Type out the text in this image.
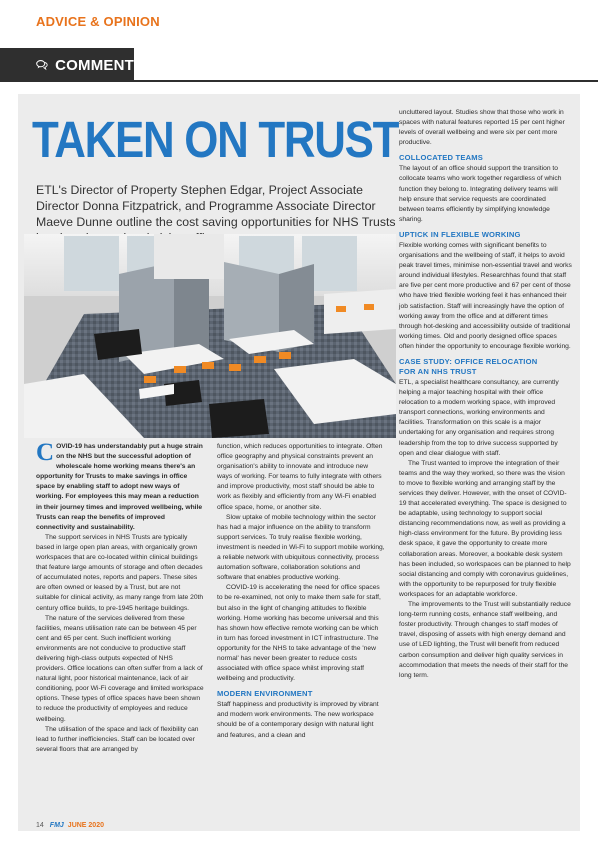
ADVICE & OPINION
COMMENT
TAKEN ON TRUST
ETL's Director of Property Stephen Edgar, Project Associate Director Donna Fitzpatrick, and Programme Associate Director Maeve Dunne outline the cost saving opportunities for NHS Trusts

COVID-19 has understandably put a huge strain on the NHS but the successful adoption of wholescale home working means there's an opportunity for Trusts to make savings in office space by enabling staff to adopt new ways of working. For employees this may mean a reduction in their journey times and improved wellbeing, while Trusts can reap the benefits of improved connectivity and sustainability.

The support services in NHS Trusts are typically based in large open plan areas, with organically grown workspaces that are co-located within clinical buildings that feature large amounts of storage and often decades of accumulated notes, reports and papers. These sites are often owned or leased by a Trust, but are not suitable for clinical activity, as many range from late 20th century office builds, to pre-1945 heritage buildings.

The nature of the services delivered from these facilities, means utilisation rate can be between 45 per cent and 65 per cent. Such inefficient working environments are not conducive to productive staff delivering high-class outputs expected of NHS providers. Office locations can often suffer from a lack of natural light, poor historical maintenance, lack of air conditioning, poor Wi-Fi coverage and limited workspace options. These types of office spaces have been shown to reduce the productivity of employees and reduce wellbeing.

The utilisation of the space and lack of flexibility can lead to further inefficiencies. Staff can be located over several floors that are arranged by

function, which reduces opportunities to integrate. Often office geography and physical constraints prevent an organisation's ability to innovate and introduce new ways of working. For teams to fully integrate with others and improve productivity, most staff should be able to work as flexibly and efficiently from any Wi-Fi enabled office space, home, or another site.

Slow uptake of mobile technology within the sector has had a major influence on the ability to transform support services. To truly realise flexible working, investment is needed in Wi-Fi to support mobile working, a reliable network with ubiquitous connectivity, process automation software, collaboration solutions and software that enables productive working.

COVID-19 is accelerating the need for office spaces to be re-examined, not only to make them safe for staff, but also in the light of changing attitudes to flexible working. Home working has become universal and this has shown how effective remote working can be which in turn has forced investment in ICT infrastructure. The opportunity for the NHS to take advantage of the 'new normal' has never been greater to reduce costs associated with office space whilst improving staff wellbeing and productivity.

MODERN ENVIRONMENT

Staff happiness and productivity is improved by vibrant and modern work environments. The new workspace should be of a contemporary design with natural light and features, and a clean and

uncluttered layout. Studies show that those who work in spaces with natural features reported 15 per cent higher levels of overall wellbeing and were six per cent more productive.

COLLOCATED TEAMS

The layout of an office should support the transition to collocate teams who work together regardless of which function they belong to. Integrating delivery teams will help ensure that service requests are coordinated between teams efficiently by simplifying knowledge sharing.

UPTICK IN FLEXIBLE WORKING

Flexible working comes with significant benefits to organisations and the wellbeing of staff, it helps to avoid peak travel times, minimise non-essential travel and works around individual lifestyles. Researchhas found that staff are five per cent more productive and 67 per cent of those who have tried flexible working feel it has enhanced their job satisfaction. Staff will increasingly have the option of working away from the office and at different times through hot-desking and accessibility outside of traditional working times. Old and poorly designed office spaces often hinder the opportunity to encourage flexible working.

CASE STUDY: OFFICE RELOCATION
FOR AN NHS TRUST

ETL, a specialist healthcare consultancy, are currently helping a major teaching hospital with their office relocation to a modern working space, with improved transport connections, working environments and facilities. Transformation on this scale is a major undertaking for any organisation and requires strong leadership from the top to drive success supported by open and clear dialogue with staff.

The Trust wanted to improve the integration of their teams and the way they worked, so there was the vision to move to flexible working and arranging staff by the services they deliver. However, with the onset of COVID-19 that accelerated everything. The space is designed to be adaptable, using technology to support social distancing recommendations now, as well as providing a high-class environment for the future. By providing less desk space, it gave the opportunity to create more collaboration areas. Moreover, a bookable desk system has been included, so workspaces can be planned to help social distancing and comply with coronavirus guidelines, with the opportunity to be repurposed for truly flexible workspaces for an adaptable workforce.

The improvements to the Trust will substantially reduce long-term running costs, enhance staff wellbeing, and foster productivity. Through changes to staff modes of travel, disposing of assets with high energy demand and use of LED lighting, the Trust will benefit from reduced carbon consumption and deliver high quality services in accommodation that meets the needs of their staff for the long term.

14 FMJ JUNE 2020
